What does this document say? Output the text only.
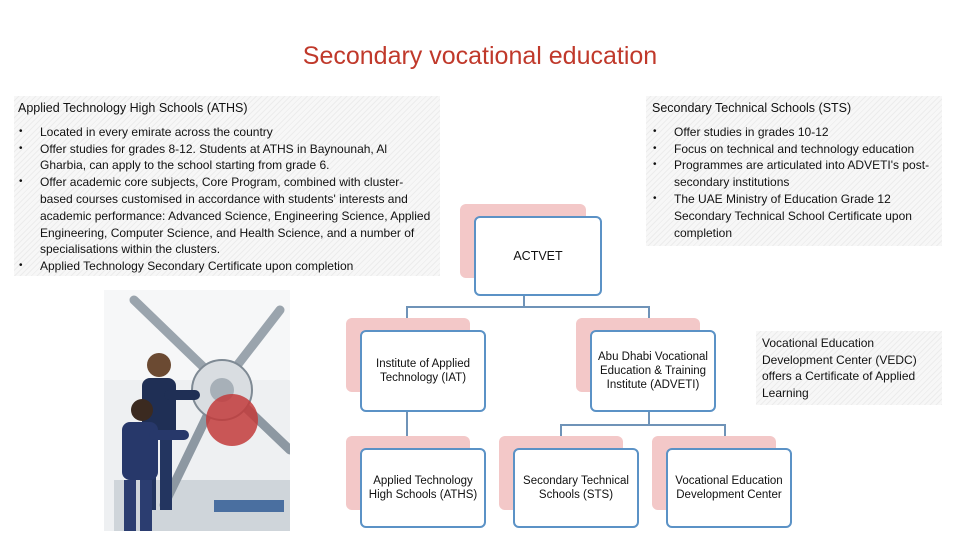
Secondary vocational education
Applied Technology High Schools (ATHS)
• Located in every emirate across the country
• Offer studies for grades 8-12. Students at ATHS in Baynounah, Al Gharbia, can apply to the school starting from grade 6.
• Offer academic core subjects, Core Program, combined with cluster-based courses customised in accordance with students' interests and academic performance: Advanced Science, Engineering Science, Applied Engineering, Computer Science, and Health Science, and a number of specialisations within the clusters.
• Applied Technology Secondary Certificate upon completion
Secondary Technical Schools (STS)
• Offer studies in grades 10-12
• Focus on technical and technology education
• Programmes are articulated into ADVETI's post-secondary institutions
• The UAE Ministry of Education Grade 12 Secondary Technical School Certificate upon completion
Vocational Education Development Center (VEDC) offers a Certificate of Applied Learning
ACTVET
Institute of Applied Technology (IAT)
Abu Dhabi Vocational Education & Training Institute (ADVETI)
Applied Technology High Schools (ATHS)
Secondary Technical Schools (STS)
Vocational Education Development Center
